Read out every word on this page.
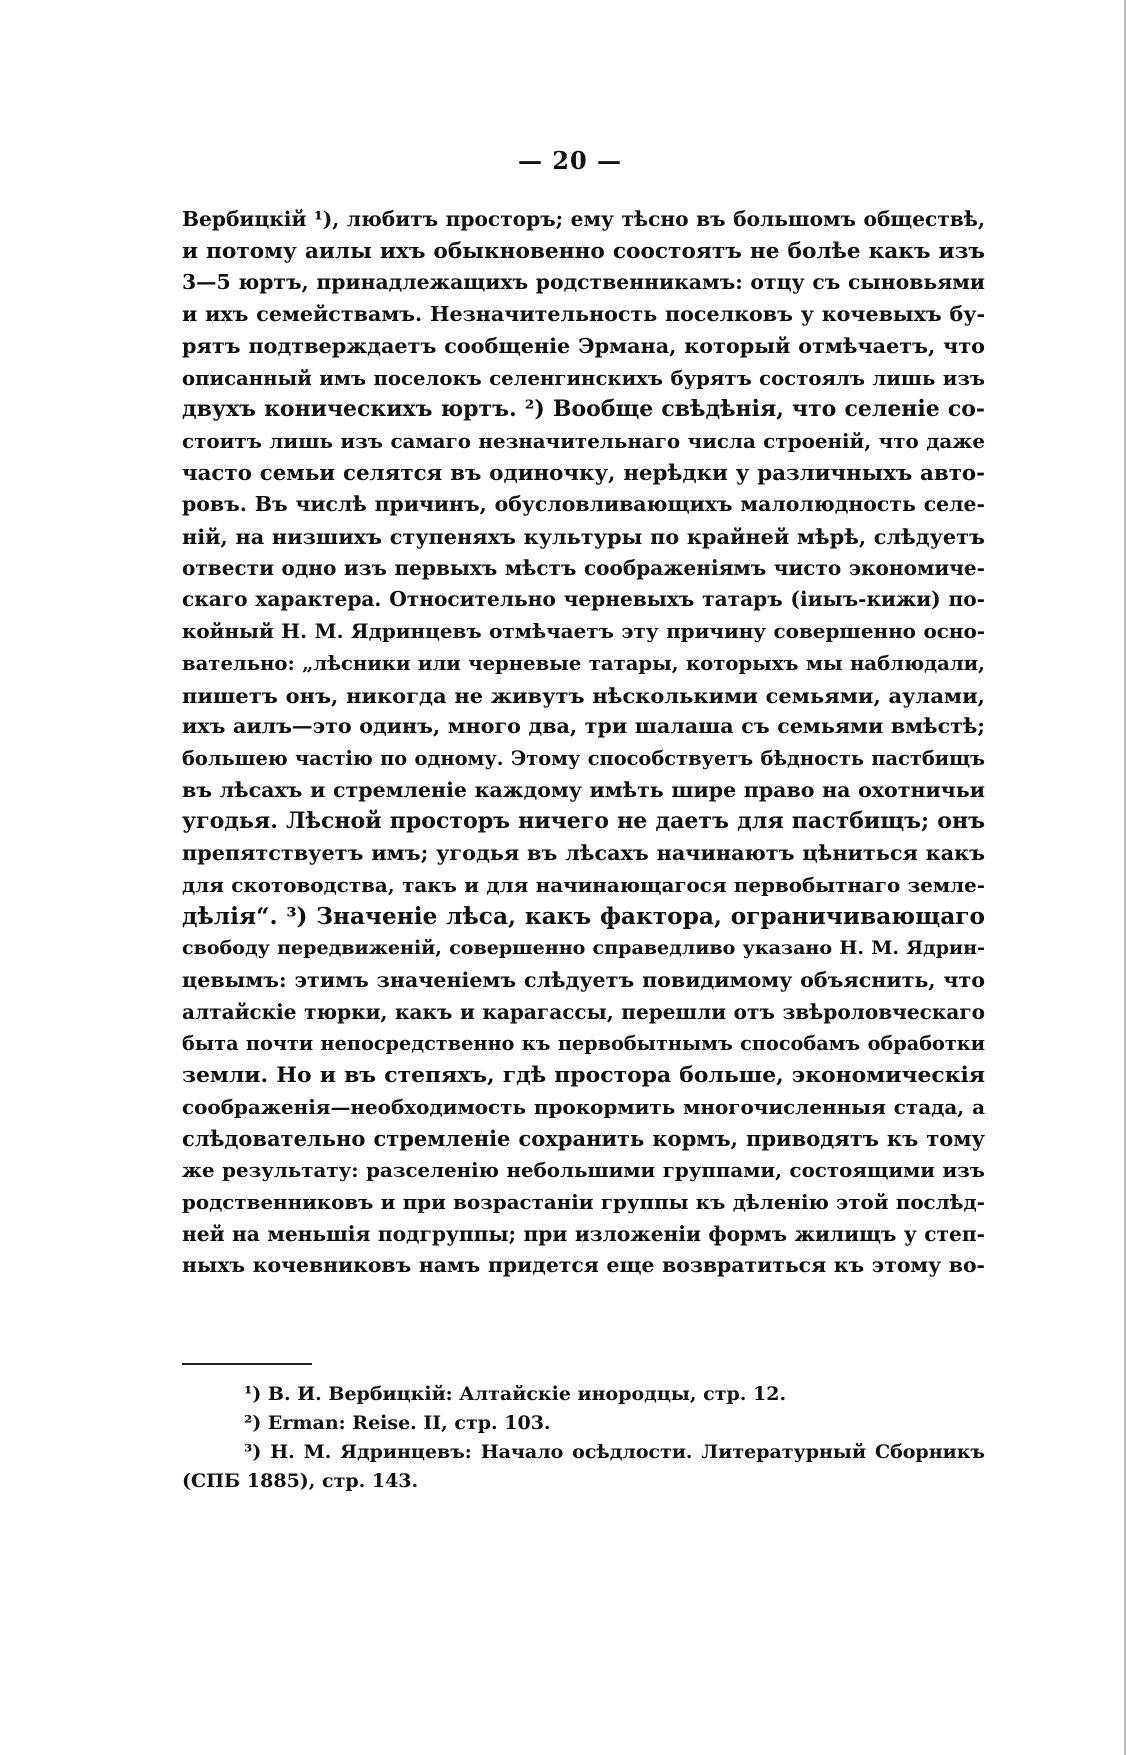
— 20 —
Вербицкій ¹), любитъ просторъ; ему тѣсно въ большомъ обществѣ,
и потому аилы ихъ обыкновенно соостоятъ не болѣе какъ изъ
3—5 юртъ, принадлежащихъ родственникамъ: отцу съ сыновьями
и ихъ семействамъ. Незначительность поселковъ у кочевыхъ бу-
рятъ подтверждаетъ сообщеніе Эрмана, который отмѣчаетъ, что
описанный имъ поселокъ селенгинскихъ бурятъ состоялъ лишь изъ
двухъ коническихъ юртъ. ²) Вообще свѣдѣнія, что селеніе со-
стоитъ лишь изъ самаго незначительнаго числа строеній, что даже
часто семьи селятся въ одиночку, нерѣдки у различныхъ авто-
ровъ. Въ числѣ причинъ, обусловливающихъ малолюдность селе-
ній, на низшихъ ступеняхъ культуры по крайней мѣрѣ, слѣдуетъ
отвести одно изъ первыхъ мѣстъ соображеніямъ чисто экономиче-
скаго характера. Относительно черневыхъ татаръ (іиыъ-кижи) по-
койный Н. М. Ядринцевъ отмѣчаетъ эту причину совершенно осно-
вательно: „лѣсники или черневые татары, которыхъ мы наблюдали,
пишетъ онъ, никогда не живутъ нѣсколькими семьями, аулами,
ихъ аилъ—это одинъ, много два, три шалаша съ семьями вмѣстѣ;
большею частію по одному. Этому способствуетъ бѣдность пастбищъ
въ лѣсахъ и стремленіе каждому имѣть шире право на охотничьи
угодья. Лѣсной просторъ ничего не даетъ для пастбищъ; онъ
препятствуетъ имъ; угодья въ лѣсахъ начинаютъ цѣниться какъ
для скотоводства, такъ и для начинающагося первобытнаго земле-
дѣлія“. ³) Значеніе лѣса, какъ фактора, ограничивающаго
свободу передвиженій, совершенно справедливо указано Н. М. Ядрин-
цевымъ: этимъ значеніемъ слѣдуетъ повидимому объяснить, что
алтайскіе тюрки, какъ и карагассы, перешли отъ звѣроловческаго
быта почти непосредственно къ первобытнымъ способамъ обработки
земли. Но и въ степяхъ, гдѣ простора больше, экономическія
соображенія—необходимость прокормить многочисленныя стада, а
слѣдовательно стремленіе сохранить кормъ, приводятъ къ тому
же результату: разселенію небольшими группами, состоящими изъ
родственниковъ и при возрастаніи группы къ дѣленію этой послѣд-
ней на меньшія подгруппы; при изложеніи формъ жилищъ у степ-
ныхъ кочевниковъ намъ придется еще возвратиться къ этому во-
¹) В. И. Вербицкій: Алтайскіе инородцы, стр. 12.
²) Erman: Reise. II, стр. 103.
³) Н. М. Ядринцевъ: Начало осѣдлости. Литературный Сборникъ
(СПБ 1885), стр. 143.
